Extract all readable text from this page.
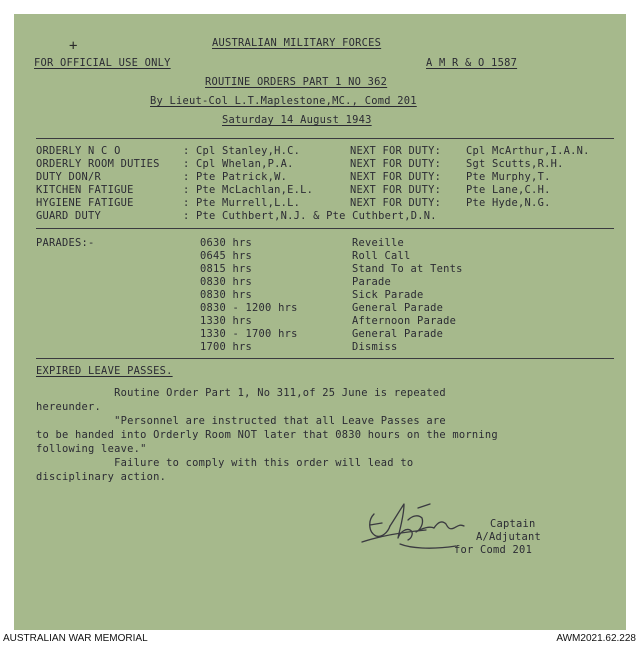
+	AUSTRALIAN MILITARY FORCES
FOR OFFICIAL USE ONLY	A M R & O 1587
ROUTINE ORDERS PART 1 NO 362
By Lieut-Col L.T.Maplestone,MC., Comd 201
Saturday 14 August 1943
ORDERLY N C O	: Cpl Stanley,H.C.	NEXT FOR DUTY: Cpl McArthur,I.A.N.
ORDERLY ROOM DUTIES : Cpl Whelan,P.A.	NEXT FOR DUTY: Sgt Scutts,R.H.
DUTY DON/R	: Pte Patrick,W.	NEXT FOR DUTY: Pte Murphy,T.
KITCHEN FATIGUE	: Pte McLachlan,E.L.	NEXT FOR DUTY: Pte Lane,C.H.
HYGIENE FATIGUE	: Pte Murrell,L.L.	NEXT FOR DUTY: Pte Hyde,N.G.
GUARD DUTY	: Pte Cuthbert,N.J. & Pte Cuthbert,D.N.
PARADES:-	0630 hrs	Reveille
0645 hrs	Roll Call
0815 hrs	Stand To at Tents
0830 hrs	Parade
0830 hrs	Sick Parade
0830 - 1200 hrs	General Parade
1330 hrs	Afternoon Parade
1330 - 1700 hrs	General Parade
1700 hrs	Dismiss
EXPIRED LEAVE PASSES.
Routine Order Part 1, No 311,of 25 June is repeated
hereunder.
"Personnel are instructed that all Leave Passes are
to be handed into Orderly Room NOT later that 0830 hours on the morning
following leave."
Failure to comply with this order will lead to
disciplinary action.
Captain
A/Adjutant
for Comd 201
AUSTRALIAN WAR MEMORIAL	AWM2021.62.228
